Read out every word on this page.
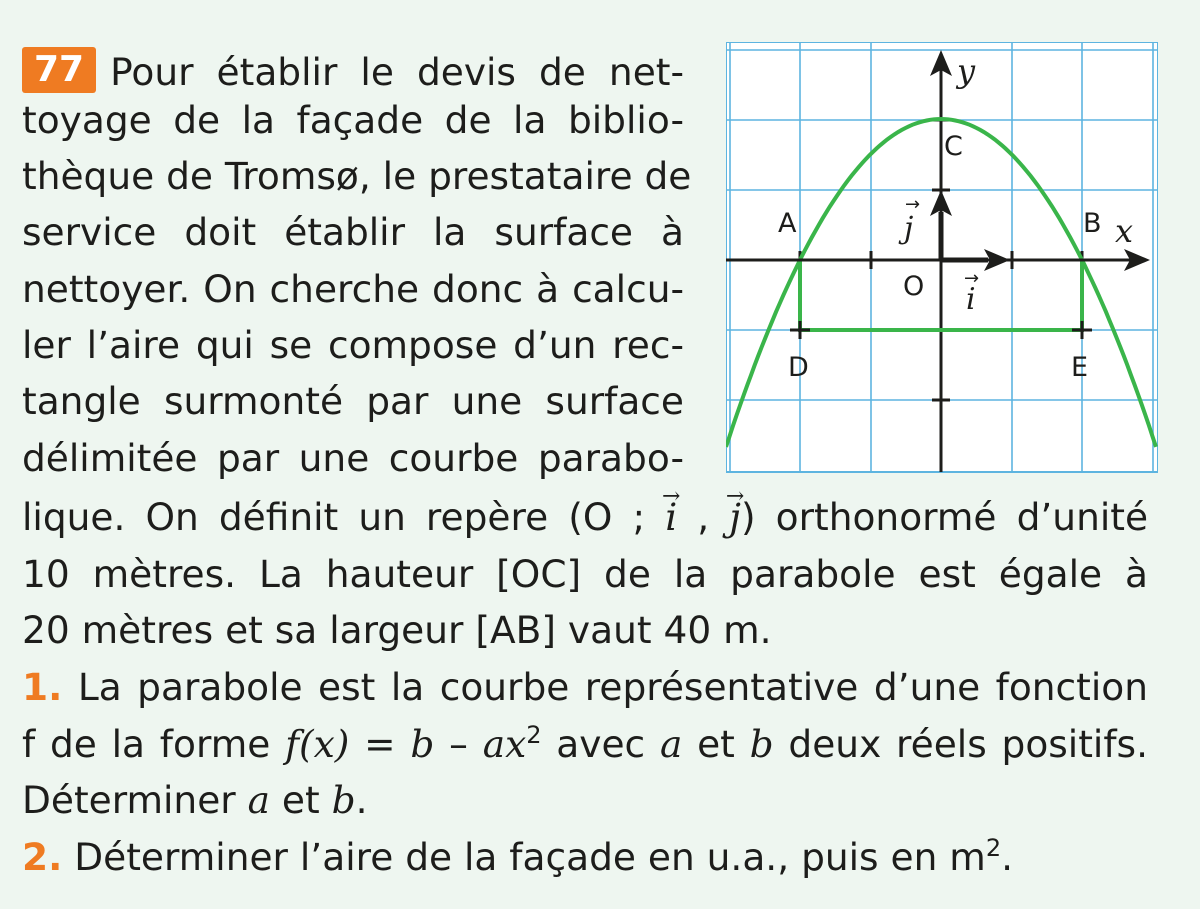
77 Pour établir le devis de net-
toyage de la façade de la biblio-
thèque de Tromsø, le prestataire de
service doit établir la surface à
nettoyer. On cherche donc à calcu-
ler l’aire qui se compose d’un rec-
tangle surmonté par une surface
délimitée par une courbe parabo-
lique. On définit un repère (O ; → i , → j) orthonormé d’unité
10 mètres. La hauteur [OC] de la parabole est égale à
20 mètres et sa largeur [AB] vaut 40 m.
1. La parabole est la courbe représentative d’une fonction
f de la forme $f(x) = b - ax^2$ avec a et b deux réels positifs.
Déterminer a et b.
2. Déterminer l’aire de la façade en u.a., puis en $m^2$.
y
C
A	B x
O
D	E
i
→
j
→
